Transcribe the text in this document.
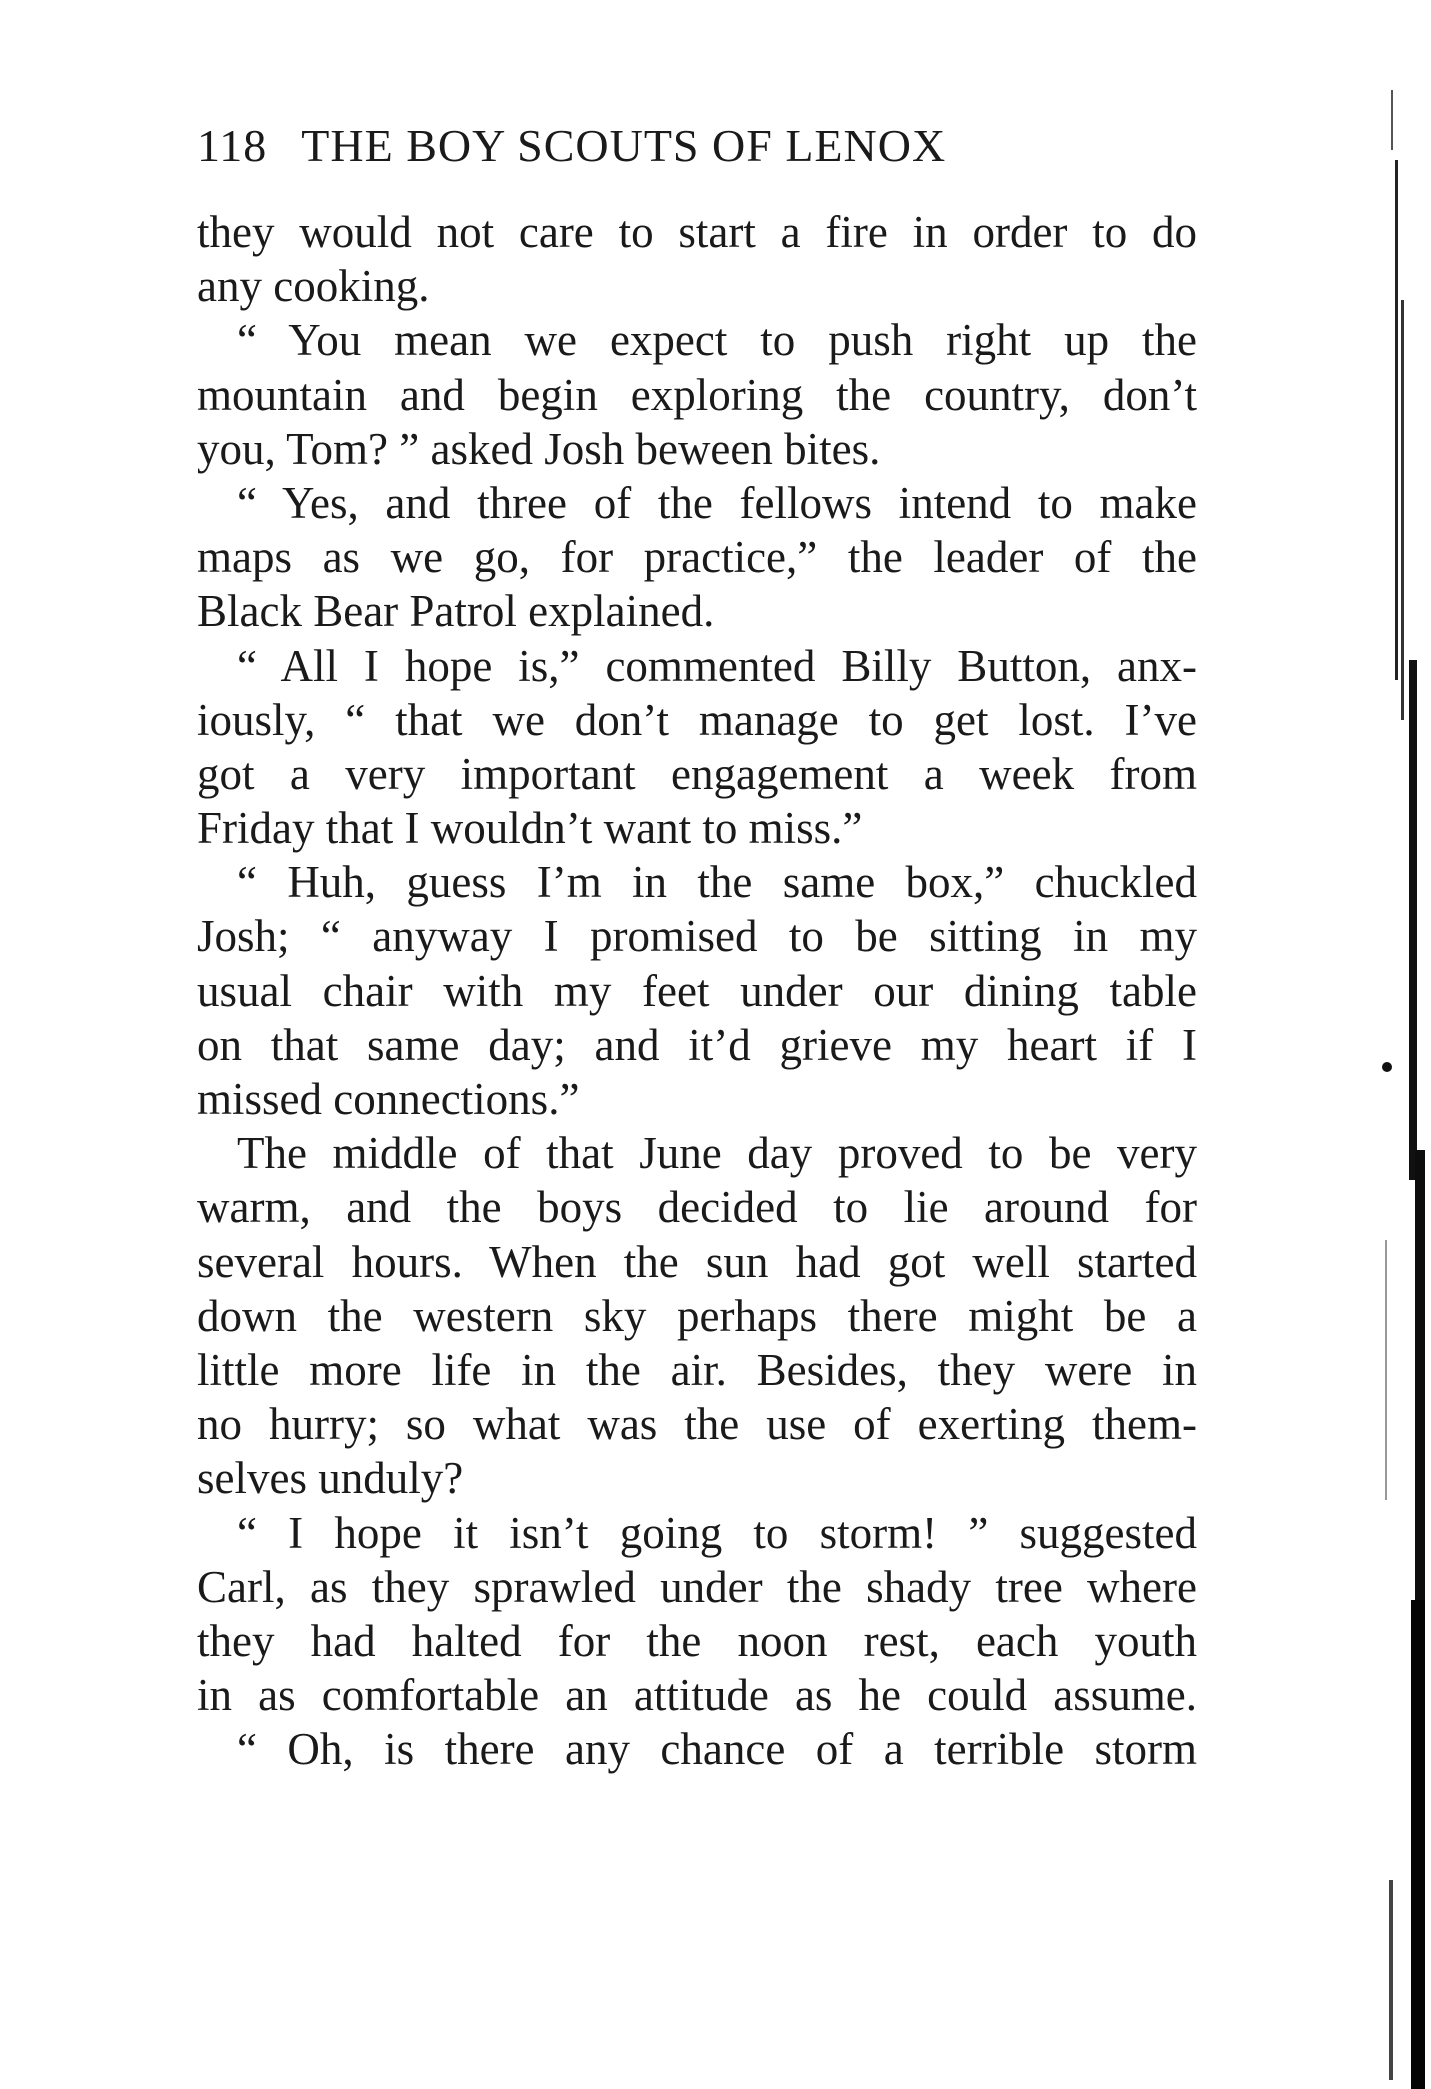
118 THE BOY SCOUTS OF LENOX
they would not care to start a fire in order to do
any cooking.
“ You mean we expect to push right up the
mountain and begin exploring the country, don’t
you, Tom? ” asked Josh beween bites.
“ Yes, and three of the fellows intend to make
maps as we go, for practice,” the leader of the
Black Bear Patrol explained.
“ All I hope is,” commented Billy Button, anx-
iously, “ that we don’t manage to get lost. I’ve
got a very important engagement a week from
Friday that I wouldn’t want to miss.”
“ Huh, guess I’m in the same box,” chuckled
Josh; “ anyway I promised to be sitting in my
usual chair with my feet under our dining table
on that same day; and it’d grieve my heart if I
missed connections.”
The middle of that June day proved to be very
warm, and the boys decided to lie around for
several hours. When the sun had got well started
down the western sky perhaps there might be a
little more life in the air. Besides, they were in
no hurry; so what was the use of exerting them-
selves unduly?
“ I hope it isn’t going to storm! ” suggested
Carl, as they sprawled under the shady tree where
they had halted for the noon rest, each youth
in as comfortable an attitude as he could assume.
“ Oh, is there any chance of a terrible storm
